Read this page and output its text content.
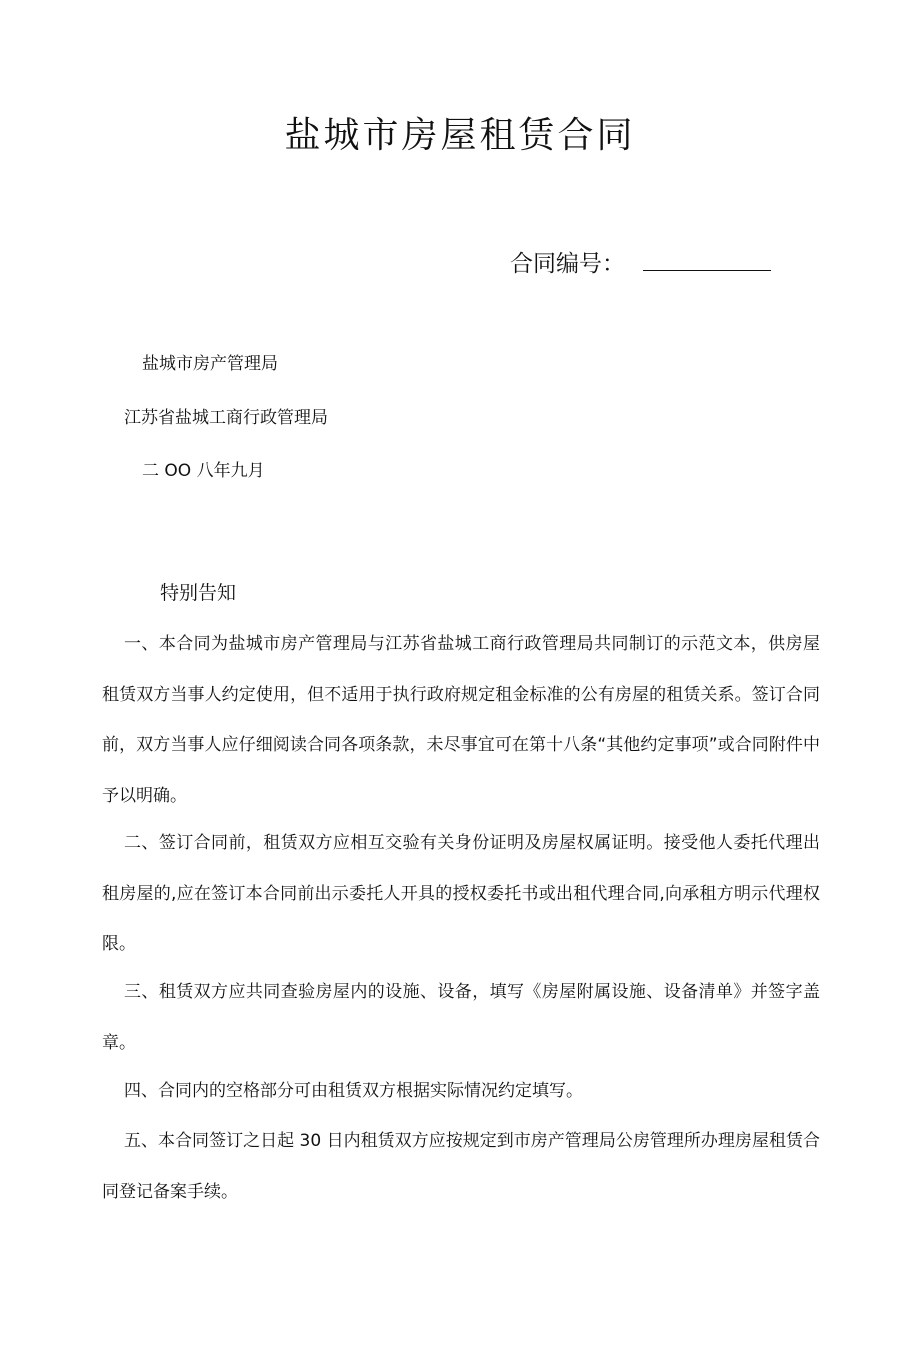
盐城市房屋租赁合同
合同编号：

盐城市房产管理局

江苏省盐城工商行政管理局

二 OO 八年九月

特别告知

一、本合同为盐城市房产管理局与江苏省盐城工商行政管理局共同制订的示范文本，供房屋租赁双方当事人约定使用，但不适用于执行政府规定租金标准的公有房屋的租赁关系。签订合同前，双方当事人应仔细阅读合同各项条款，未尽事宜可在第十八条“其他约定事项”或合同附件中予以明确。

二、签订合同前，租赁双方应相互交验有关身份证明及房屋权属证明。接受他人委托代理出租房屋的,应在签订本合同前出示委托人开具的授权委托书或出租代理合同,向承租方明示代理权限。

三、租赁双方应共同查验房屋内的设施、设备，填写《房屋附属设施、设备清单》并签字盖章。

四、合同内的空格部分可由租赁双方根据实际情况约定填写。

五、本合同签订之日起 30 日内租赁双方应按规定到市房产管理局公房管理所办理房屋租赁合同登记备案手续。
